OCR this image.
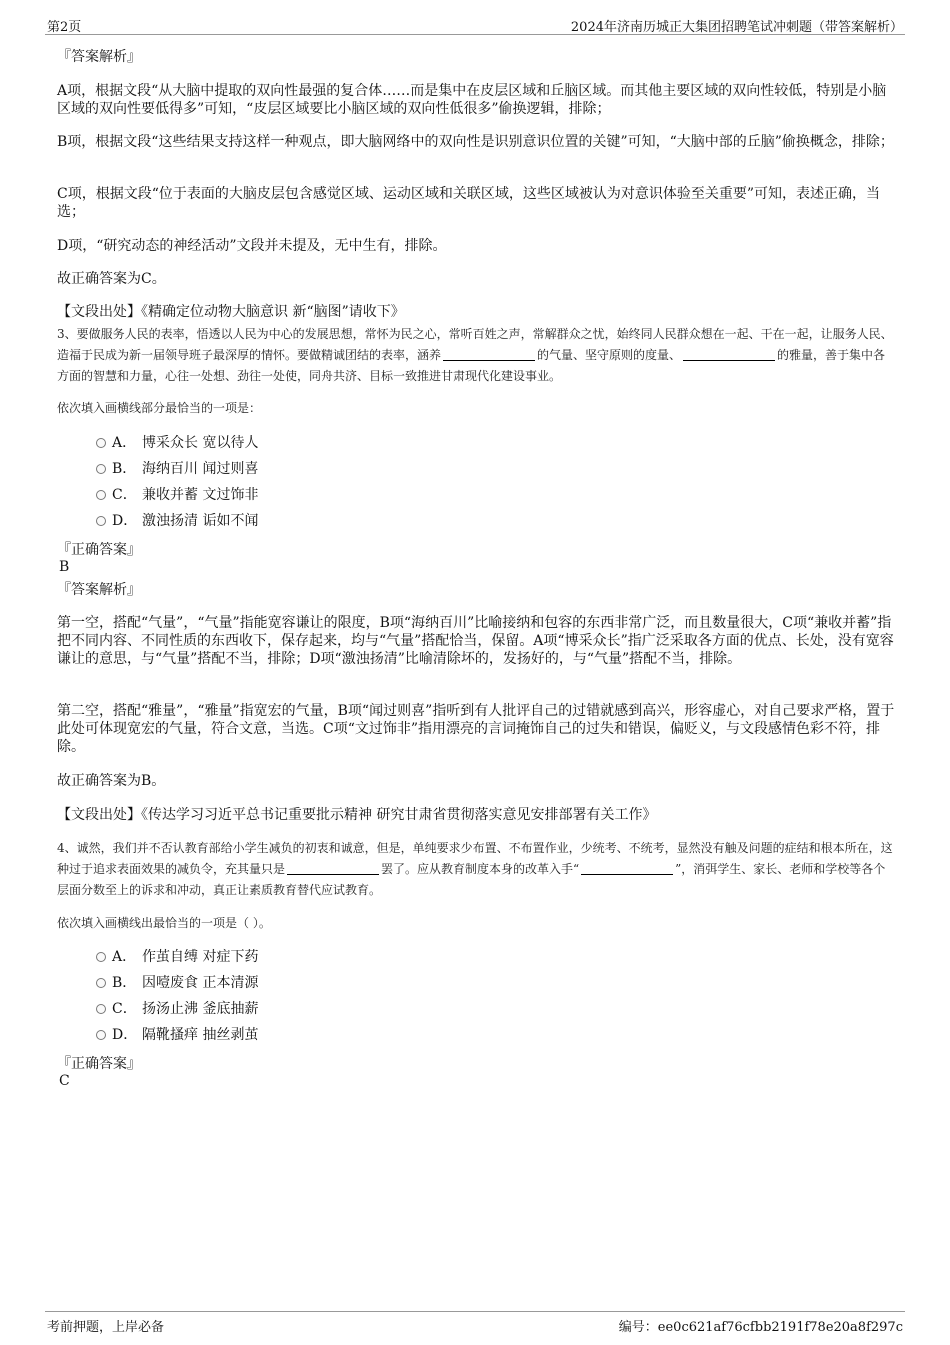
第2页	2024年济南历城正大集团招聘笔试冲刺题（带答案解析）

『答案解析』

A项，根据文段“从大脑中提取的双向性最强的复合体……而是集中在皮层区域和丘脑区域。而其他主要区域的双向性较低，特别是小脑区域的双向性要低得多”可知，“皮层区域要比小脑区域的双向性低很多”偷换逻辑，排除；

B项，根据文段“这些结果支持这样一种观点，即大脑网络中的双向性是识别意识位置的关键”可知，“大脑中部的丘脑”偷换概念，排除；

C项，根据文段“位于表面的大脑皮层包含感觉区域、运动区域和关联区域，这些区域被认为对意识体验至关重要”可知，表述正确，当选；

D项，“研究动态的神经活动”文段并未提及，无中生有，排除。

故正确答案为C。

【文段出处】《精确定位动物大脑意识 新“脑图”请收下》

3、要做服务人民的表率，悟透以人民为中心的发展思想，常怀为民之心，常听百姓之声，常解群众之忧，始终同人民群众想在一起、干在一起，让服务人民、造福于民成为新一届领导班子最深厚的情怀。要做精诚团结的表率，涵养	的气量、坚守原则的度量、	的雅量，善于集中各方面的智慧和力量，心往一处想、劲往一处使，同舟共济、目标一致推进甘肃现代化建设事业。

依次填入画横线部分最恰当的一项是：

A． 博采众长 宽以待人
B． 海纳百川 闻过则喜
C． 兼收并蓄 文过饰非
D． 激浊扬清 诟如不闻

『正确答案』

B

『答案解析』

第一空，搭配“气量”，“气量”指能宽容谦让的限度，B项“海纳百川”比喻接纳和包容的东西非常广泛，而且数量很大，C项“兼收并蓄”指把不同内容、不同性质的东西收下，保存起来，均与“气量”搭配恰当，保留。A项“博采众长”指广泛采取各方面的优点、长处，没有宽容谦让的意思，与“气量”搭配不当，排除；D项“激浊扬清”比喻清除坏的，发扬好的，与“气量”搭配不当，排除。

第二空，搭配“雅量”，“雅量”指宽宏的气量，B项“闻过则喜”指听到有人批评自己的过错就感到高兴，形容虚心，对自己要求严格，置于此处可体现宽宏的气量，符合文意，当选。C项“文过饰非”指用漂亮的言词掩饰自己的过失和错误，偏贬义，与文段感情色彩不符，排除。

故正确答案为B。

【文段出处】《传达学习习近平总书记重要批示精神 研究甘肃省贯彻落实意见安排部署有关工作》

4、诚然，我们并不否认教育部给小学生减负的初衷和诚意，但是，单纯要求少布置、不布置作业，少统考、不统考，显然没有触及问题的症结和根本所在，这种过于追求表面效果的减负令，充其量只是	罢了。应从教育制度本身的改革入手“	”，消弭学生、家长、老师和学校等各个层面分数至上的诉求和冲动，真正让素质教育替代应试教育。

依次填入画横线出最恰当的一项是（ ）。

A． 作茧自缚 对症下药
B． 因噎废食 正本清源
C． 扬汤止沸 釜底抽薪
D． 隔靴搔痒 抽丝剥茧

『正确答案』

C

考前押题，上岸必备	编号：ee0c621af76cfbb2191f78e20a8f297c
